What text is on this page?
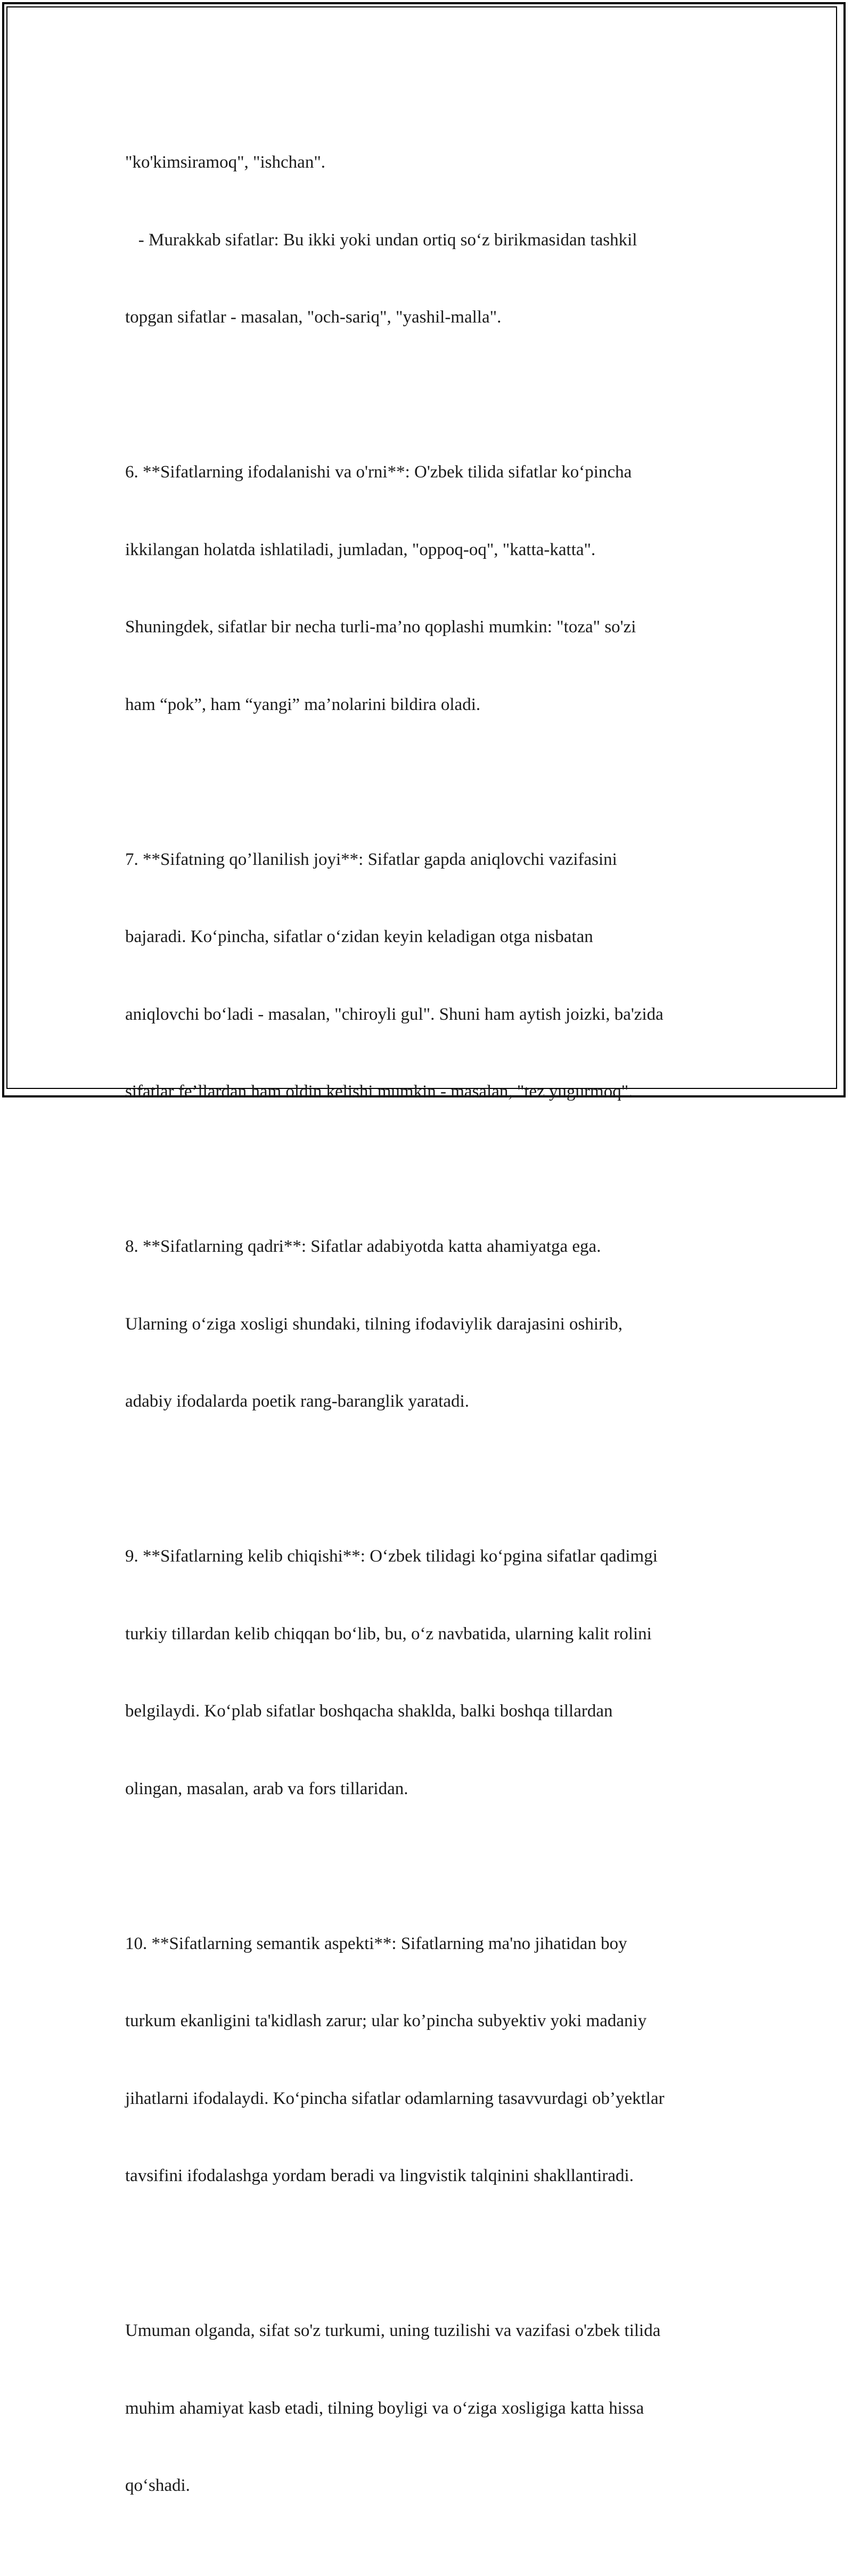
"ko'kimsiramoq", "ishchan".

- Murakkab sifatlar: Bu ikki yoki undan ortiq so‘z birikmasidan tashkil

topgan sifatlar - masalan, "och-sariq", "yashil-malla".

6. **Sifatlarning ifodalanishi va o'rni**: O'zbek tilida sifatlar ko‘pincha

ikkilangan holatda ishlatiladi, jumladan, "oppoq-oq", "katta-katta".

Shuningdek, sifatlar bir necha turli-ma’no qoplashi mumkin: "toza" so'zi

ham “pok”, ham “yangi” ma’nolarini bildira oladi.

7. **Sifatning qo’llanilish joyi**: Sifatlar gapda aniqlovchi vazifasini

bajaradi. Ko‘pincha, sifatlar o‘zidan keyin keladigan otga nisbatan

aniqlovchi bo‘ladi - masalan, "chiroyli gul". Shuni ham aytish joizki, ba'zida

sifatlar fe’llardan ham oldin kelishi mumkin - masalan, "tez yugurmoq".

8. **Sifatlarning qadri**: Sifatlar adabiyotda katta ahamiyatga ega.

Ularning o‘ziga xosligi shundaki, tilning ifodaviylik darajasini oshirib,

adabiy ifodalarda poetik rang-baranglik yaratadi.

9. **Sifatlarning kelib chiqishi**: O‘zbek tilidagi ko‘pgina sifatlar qadimgi

turkiy tillardan kelib chiqqan bo‘lib, bu, o‘z navbatida, ularning kalit rolini

belgilaydi. Ko‘plab sifatlar boshqacha shaklda, balki boshqa tillardan

olingan, masalan, arab va fors tillaridan.

10. **Sifatlarning semantik aspekti**: Sifatlarning ma'no jihatidan boy

turkum ekanligini ta'kidlash zarur; ular ko’pincha subyektiv yoki madaniy

jihatlarni ifodalaydi. Ko‘pincha sifatlar odamlarning tasavvurdagi ob’yektlar

tavsifini ifodalashga yordam beradi va lingvistik talqinini shakllantiradi.

Umuman olganda, sifat so'z turkumi, uning tuzilishi va vazifasi o'zbek tilida

muhim ahamiyat kasb etadi, tilning boyligi va o‘ziga xosligiga katta hissa

qo‘shadi.
